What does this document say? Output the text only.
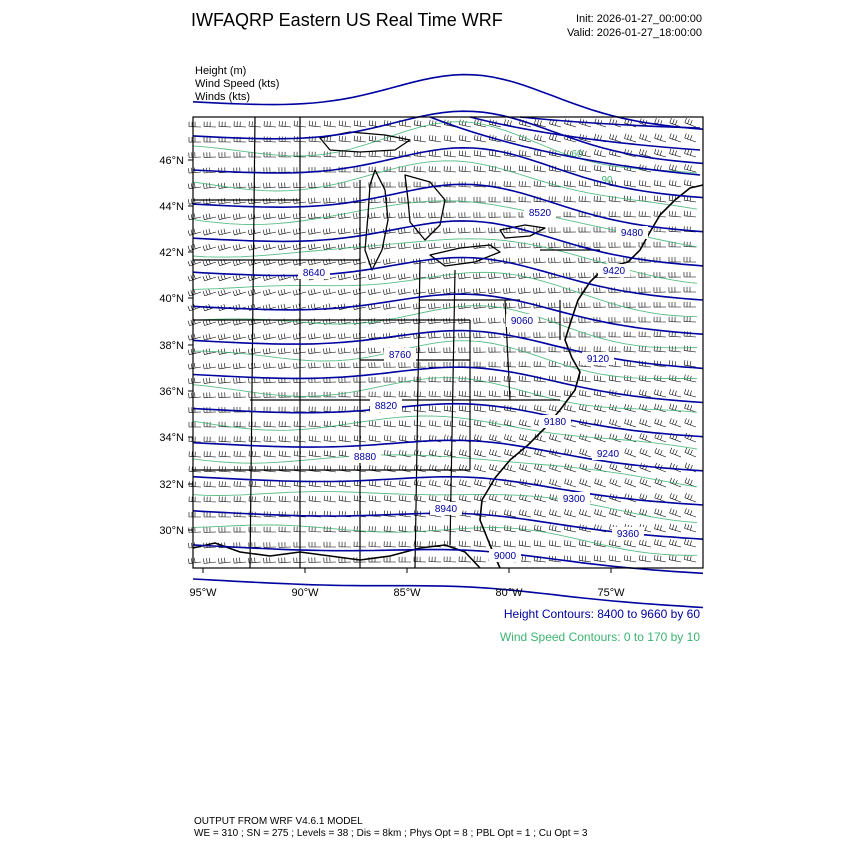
IWFAQRP Eastern US Real Time WRF	Init: 2026-01-27_00:00:00
Valid: 2026-01-27_18:00:00
Height (m)
Wind Speed (kts)
Winds (kts)
60
90
8520
8640
8760
8820
8880
8940
9000
9060
9120
9180
9240
9300
9360
9420
9480
46°N
44°N
42°N
40°N
38°N
36°N
34°N
32°N
30°N
95°W	90°W	85°W	80°W	75°W
Height Contours: 8400 to 9660 by 60
Wind Speed Contours: 0 to 170 by 10
OUTPUT FROM WRF V4.6.1 MODEL
WE = 310 ; SN = 275 ; Levels = 38 ; Dis = 8km ; Phys Opt = 8 ; PBL Opt = 1 ; Cu Opt = 3
